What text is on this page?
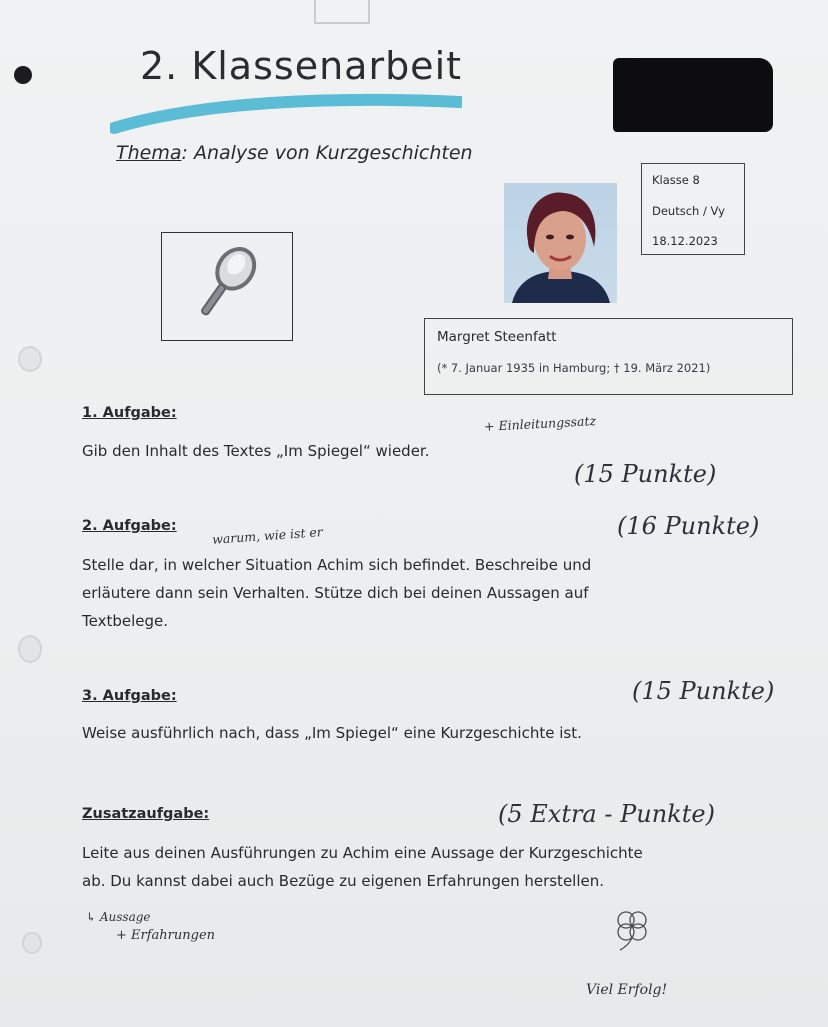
2. Klassenarbeit
Thema: Analyse von Kurzgeschichten
Klasse 8
Deutsch / Vy
18.12.2023
Margret Steenfatt
(* 7. Januar 1935 in Hamburg; † 19. März 2021)
1. Aufgabe:
+ Einleitungssatz
Gib den Inhalt des Textes „Im Spiegel“ wieder.
(15 Punkte)
2. Aufgabe:	(16 Punkte)
warum, wie ist er
Stelle dar, in welcher Situation Achim sich befindet. Beschreibe und
erläutere dann sein Verhalten. Stütze dich bei deinen Aussagen auf
Textbelege.
(15 Punkte)
3. Aufgabe:
Weise ausführlich nach, dass „Im Spiegel“ eine Kurzgeschichte ist.
(5 Extra - Punkte)
Zusatzaufgabe:
Leite aus deinen Ausführungen zu Achim eine Aussage der Kurzgeschichte
ab. Du kannst dabei auch Bezüge zu eigenen Erfahrungen herstellen.
↳ Aussage
+ Erfahrungen
Viel Erfolg!
